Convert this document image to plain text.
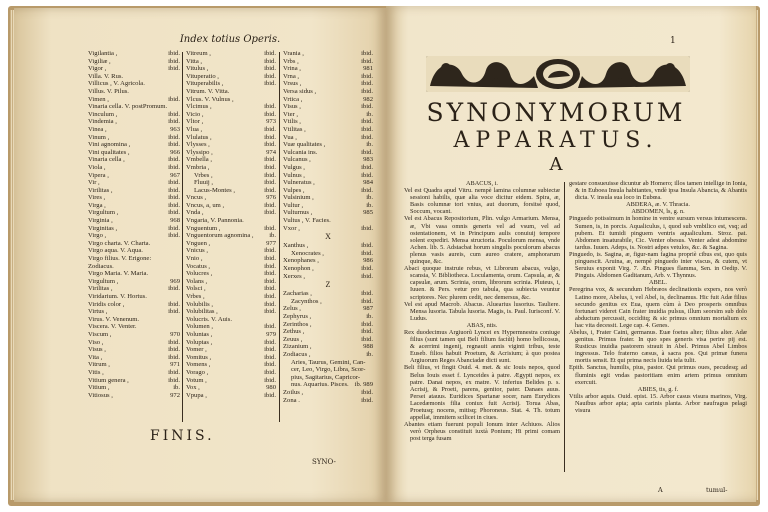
Index totius Operis.
Vigilantia ,	ibid.
Vigiliæ ,	ibid.
Vigor ,	ibid.
Villa. V. Rus.
Villicus , V. Agricola.
Villus. V. Pilus.
Vimen ,	ibid.
Vinaria cella. V. postPromum.
Vinculum ,	ibid.
Vindemia ,	ibid.
Vinea ,	963
Vinum ,	ibid.
Vini agnomina ,	ibid.
Vini qualitates ,	966
Vinaria cella ,	ibid.
Viola ,	ibid.
Vipera ,	967
Vir ,	ibid.
Virilitas ,	ibid.
Vires ,	ibid.
Virga ,	ibid.
Virgultum ,	ibid.
Virginia ,	968
Virginitas ,	ibid.
Virgo ,	ibid.
Virgo charta. V. Charta.
Virgo aqua. V. Aqua.
Virgo filius. V. Erigone: Zodiacus.
Virgo Maria. V. Maria.
Virgultum ,	969
Virilitas ,	ibid.
Viridarium. V. Hortus.
Viridis color ,	ibid.
Virtus ,	ibid.
Virus. V. Venenum.
Viscera. V. Venter.
Viscum ,	970
Viso ,	ibid.
Visus ,	ibid.
Vita ,	ibid.
Vitrum ,	971
Vitis ,	ibid.
Vitium genera ,	ibid.
Vitium ,	ib.
Vitiosus ,	972
Vitreum ,	ibid.
Vitta ,	ibid.
Vitulus ,	ibid.
Vituperatio ,	ibid.
Vituperabilis ,	ibid.
Vitrum. V. Vitta.
Vlcus. V. Vulnus ,
Vlcimus ,	ibid.
Vicio ,	ibid.
Vltor ,	973
Vlua ,	ibid.
Vlulatus ,	ibid.
Vlysses ,	ibid.
Vlyssipo ,	974
Vmbella ,	ibid.
Vmbria ,	ibid.
Vrbes ,	ibid.
Fluuij ,	ibid.
Lacus-Montes ,	ibid.
Vncus ,	976
Vncus, a, um ,	ibid.
Vnda ,	ibid.
Vngaria, V. Pannonia.
Vnguentum ,	ibid.
Vnguentorum agnomina ,	ib.
Vnguen ,	977
Vnicus ,	ibid.
Vnio ,	ibid.
Vocatus ,	ibid.
Volucres ,	ibid.
Volans ,	ibid.
Volsci ,	ibid.
Vrbes ,	ibid.
Volubilis ,	ibid.
Volubilitas ,	ibid.
Volucris. V. Auis.
Volumen ,	ibid.
Voluntas ,	979
Voluptas ,	ibid.
Vomer ,	ibid.
Vomitus ,	ibid.
Vomens ,	ibid.
Vorago ,	ibid.
Votum ,	ibid.
Vox ,	980
Vpupa ,	ibid.
Vrania ,	ibid.
Vrbs ,	ibid.
Vrina ,	981
Vrna ,	ibid.
Vrsus ,	ibid.
Versa sidus ,	ibid.
Vrtica ,	982
Visus ,	ibid.
Vter ,	ib.
Vtilis ,	ibid.
Vtilitas ,	ibid.
Vua ,	ibid.
Vuæ qualitates ,	ib.
Vulcania ins.	ibid.
Vulcanus ,	983
Vulgus ,	ibid.
Vulnus ,	ibid.
Vulneratus ,	984
Vulpes ,	ibid.
Vulsinium ,	ib.
Vultur ,	ib.
Vulturnus ,	985
Vultus , V. Facies.
Vxor ,	ibid.
X
Xanthus ,	ibid.
Xenocrates ,	ibid.
Xenophanes ,	986
Xenophon ,	ibid.
Xerxes ,	ibid.
Z
Zacharias ,	ibid.
Zacynthos ,	ibid.
Zelus ,	987
Zephyrus ,	ib.
Zerinthos ,	ibid.
Zethus ,	ibid.
Zeuus ,	ibid.
Zizanium ,	988
Zodiacus ,	ib.
Aries, Taurus, Gemini, Can-
cer, Leo, Virgo, Libra, Scor-
pius, Sagitarius, Capricor-
nus. Aquarius. Pisces. ib. 989
Zoilus ,	ibid.
Zona .	ibid.
FINIS.
SYNO-
1
SYNONYMORUM
APPARATUS.
A
ABACUS, i.

Vel est Quadra apud Vitru. nempè lamina columnæ subiectæ sessioni habilis, quæ alia voce dicitur eidem. Spira, æ, Basis columnæ tori vnius, aut duorum, forsitsè quod, Soccum, vocant.

Vel est Abacus Repositorium, Plin. vulgo Armarium. Mensa, æ, Vbi vasa omnis generis vel ad vsum, vel ad ostentationem, vt in Principum aulis conuiuij tempore solent expediri. Mensa structoria. Poculorum mensa, vnde Achen. lib. 5. Adstacbat horum singulis poculorum abacus plenus vasis aureis, cum aureo cratere, amphorarum quinque, &c.

Abaci quoque instruie rebus, vt Librorum abacus, vulgo, scansia, V. Bibliotheca. Loculamenta, orum. Capsula, æ, & capsulæ, arum. Scrinia, orum, librorum scrinia. Pluteus, i, Iuuen. & Pers. vetur pro tabula, qua subiecta veuntur scriptores. Nec plurem cedit, nec demersus, &c.

Vel est apud Macrob. Abacus. Aluearius lusorius. Tauliere. Mensa lusoria. Tabula lusoria. Magis, is. Paul. Iurisconf. V. Ludus.

ABAS, ntis.

Rex duodecimus Argiuorũ Lyncei ex Hypermnestra coniuge filius (sunt tamen qui Beli filium faciũt) homo bellicosus, & acerrimi ingenij, regnauit annis viginti tribus, teste Euseb. filios habuit Proetum, & Acrisium; à quo postea Argiuorum Reges Abanciadæ dicti sunt.

Beli filius, vt fingit Ouid. 4. met. & sic Iouis nepos, quod Belus Iouis esset f. Lynceides à patre. Ægypti nepos, ex patre. Danai nepos, ex matre. V. inferius Belides p. s. Acrisij, & Proeti, parens, genitor, pater. Danaes auus. Persei atauus. Euridices Spartanæ socer, nam Eurydices Lacedæmonis filia coniux fuit Acrisij. Torua Abas, Proetusq; nocens, mitisq; Phoroneus. Stat. 4. Th. totum appellat, immitem scilicet in ciues.

Abantes etiam fuerunt populi Ionum inter Achiuos. Alios verò Orpheus constituit iuxtà Pontum; Hi primi comam post terga fusam

gestare consueuisse dicuntur ab Homero; illos tamen intellige in Ionia, & in Euboea Insula habitantes, vndè ipsa Insula Abancia, & Abantis dicta. V. insula sua loco in Eubœa.

ABDERA, æ. V. Thracia.
ABDOMEN, ĭs, g. n.

Pinguedo potissimum in homine in ventre sursum versus intumescens. Sumen, is, in porcis. Aqualiculus, i, quod sub vmbilico est, vsq; ad pubem. Et tumidi pinguem ventris aqualiculum. Stroz. pat. Abdomen insaturabile, Cic. Venter obesus. Venter adest abdomine tardus. Iuuen. Adeps, is. Nostri adpes vetulos, &c. & Sagina.

Pinguedo, is. Sagina, æ, figur-nam fagina propriè cibus est, quo quis pinguescit. Aruina, æ, nempè pinguedo inter viscus, & cutem, vt Seruius exponit Virg. 7. Æn. Pingues flamma, Sen. in Oedip. V. Pinguis. Abdomen Gaditanum, Arb. v. Thynnus.

ABEL.

Peregrina vox, & secundum Hebræos declinationis expers, nos verò Latino more, Abelus, i, vel Abel, is, declinamus. Hic fuit Adæ filius secundo genitus ex Eua, quem cùm à Deo prosperis omnibus fortunari videret Cain frater inuidia pulsus, illum seorsim sub dolo abductum percussit, occiditq; & sic primus omnium mortalium ex hac vita decessit. Lege cap. 4. Genes.

Abelus, i, Frater Caini, germanus. Euæ foetus alter; filius alter. Adæ genitus. Primus frater. In quo spes generis visa perire pij est. Rusticus inuidia pastorem strauit in Abel. Primus Abel Limbos ingressus. Telo fraterno cæsus, à sacra pos. Qui primæ funera mortis sensit. Et qui prima necis liuida tela tulit.

Epith. Sanctus, humilis, pius, pastor. Qui primus oues, pecudesq; ad fluminis egit vndas pastoritiam enim artem primus omnium exercuit.

ABIES, tis, g. f.

Vtilis arbor aquis. Ouid. epist. 15. Arbor casus visura marinos, Virg. Nauibus arbor apta; apta carinis planta. Arbor naufragus pelagi visura

A	tumul-
